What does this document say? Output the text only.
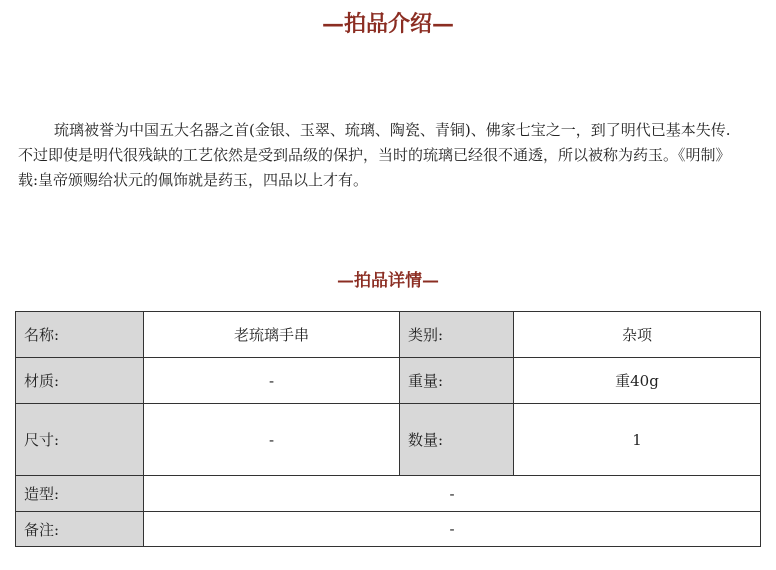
—拍品介绍—

琉璃被誉为中国五大名器之首(金银、玉翠、琉璃、陶瓷、青铜)、佛家七宝之一，到了明代已基本失传. 不过即使是明代很残缺的工艺依然是受到品级的保护，当时的琉璃已经很不通透，所以被称为药玉。《明制》载:皇帝颁赐给状元的佩饰就是药玉，四品以上才有。

—拍品详情—
名称:	老琉璃手串	类别:	杂项
材质:	-	重量:	重40g
尺寸:	-	数量:	1
造型:	-		
备注:	-		
